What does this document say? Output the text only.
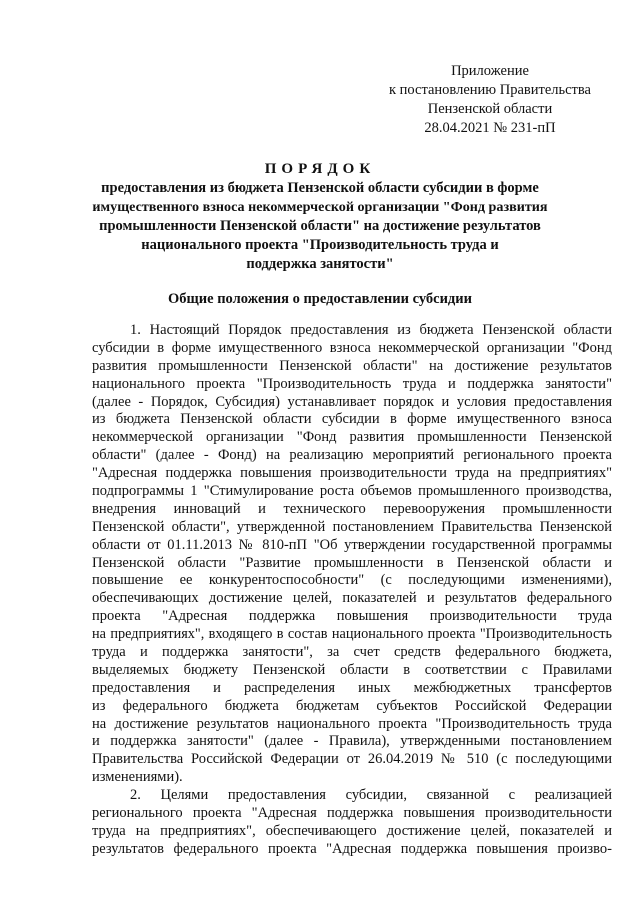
Приложение
к постановлению Правительства
Пензенской области
28.04.2021 № 231-пП
ПОРЯДОК
предоставления из бюджета Пензенской области субсидии в форме
имущественного взноса некоммерческой организации "Фонд развития
промышленности Пензенской области" на достижение результатов
национального проекта "Производительность труда и
поддержка занятости"
Общие положения о предоставлении субсидии
1. Настоящий Порядок предоставления из бюджета Пензенской области
субсидии в форме имущественного взноса некоммерческой организации "Фонд
развития промышленности Пензенской области" на достижение результатов
национального проекта "Производительность труда и поддержка занятости"
(далее - Порядок, Субсидия) устанавливает порядок и условия предоставления
из бюджета Пензенской области субсидии в форме имущественного взноса
некоммерческой организации "Фонд развития промышленности Пензенской
области" (далее - Фонд) на реализацию мероприятий регионального проекта
"Адресная поддержка повышения производительности труда на предприятиях"
подпрограммы 1 "Стимулирование роста объемов промышленного производства,
внедрения инноваций и технического перевооружения промышленности
Пензенской области", утвержденной постановлением Правительства Пензенской
области от 01.11.2013 № 810-пП "Об утверждении государственной программы
Пензенской области "Развитие промышленности в Пензенской области и
повышение ее конкурентоспособности" (с последующими изменениями),
обеспечивающих достижение целей, показателей и результатов федерального
проекта "Адресная поддержка повышения производительности труда
на предприятиях", входящего в состав национального проекта "Производительность
труда и поддержка занятости", за счет средств федерального бюджета,
выделяемых бюджету Пензенской области в соответствии с Правилами
предоставления и распределения иных межбюджетных трансфертов
из федерального бюджета бюджетам субъектов Российской Федерации
на достижение результатов национального проекта "Производительность труда
и поддержка занятости" (далее - Правила), утвержденными постановлением
Правительства Российской Федерации от 26.04.2019 № 510 (с последующими
изменениями).
2. Целями предоставления субсидии, связанной с реализацией
регионального проекта "Адресная поддержка повышения производительности
труда на предприятиях", обеспечивающего достижение целей, показателей и
результатов федерального проекта "Адресная поддержка повышения произво-
